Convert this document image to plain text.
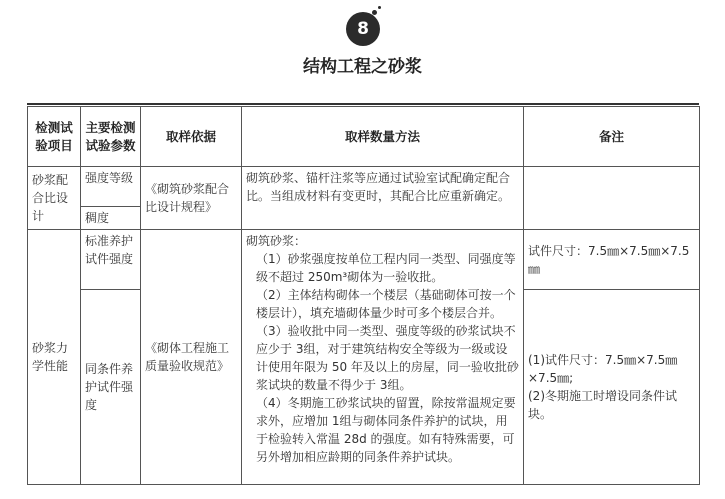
8
结构工程之砂浆
检测试验项目	主要检测试验参数	取样依据	取样数量方法	备注
砂浆配合比设计	强度等级	《砌筑砂浆配合比设计规程》	砌筑砂浆、锚杆注浆等应通过试验室试配确定配合比。当组成材料有变更时，其配合比应重新确定。	
	稠度			
砂浆力学性能	标准养护试件强度	《砌体工程施工质量验收规范》	砌筑砂浆：

（1）砂浆强度按单位工程内同一类型、同强度等级不超过 250m³砌体为一验收批。

（2）主体结构砌体一个楼层（基础砌体可按一个楼层计），填充墙砌体量少时可多个楼层合并。

（3）验收批中同一类型、强度等级的砂浆试块不应少于 3组，对于建筑结构安全等级为一级或设计使用年限为 50 年及以上的房屋，同一验收批砂浆试块的数量不得少于 3组。

（4）冬期施工砂浆试块的留置，除按常温规定要求外，应增加 1组与砌体同条件养护的试块，用于检验转入常温 28d 的强度。如有特殊需要，可另外增加相应龄期的同条件养护试块。	试件尺寸：7.5㎜×7.5㎜×7.5㎜
	同条件养护试件强度			(1)试件尺寸：7.5㎜×7.5㎜×7.5㎜;

(2)冬期施工时增设同条件试块。
